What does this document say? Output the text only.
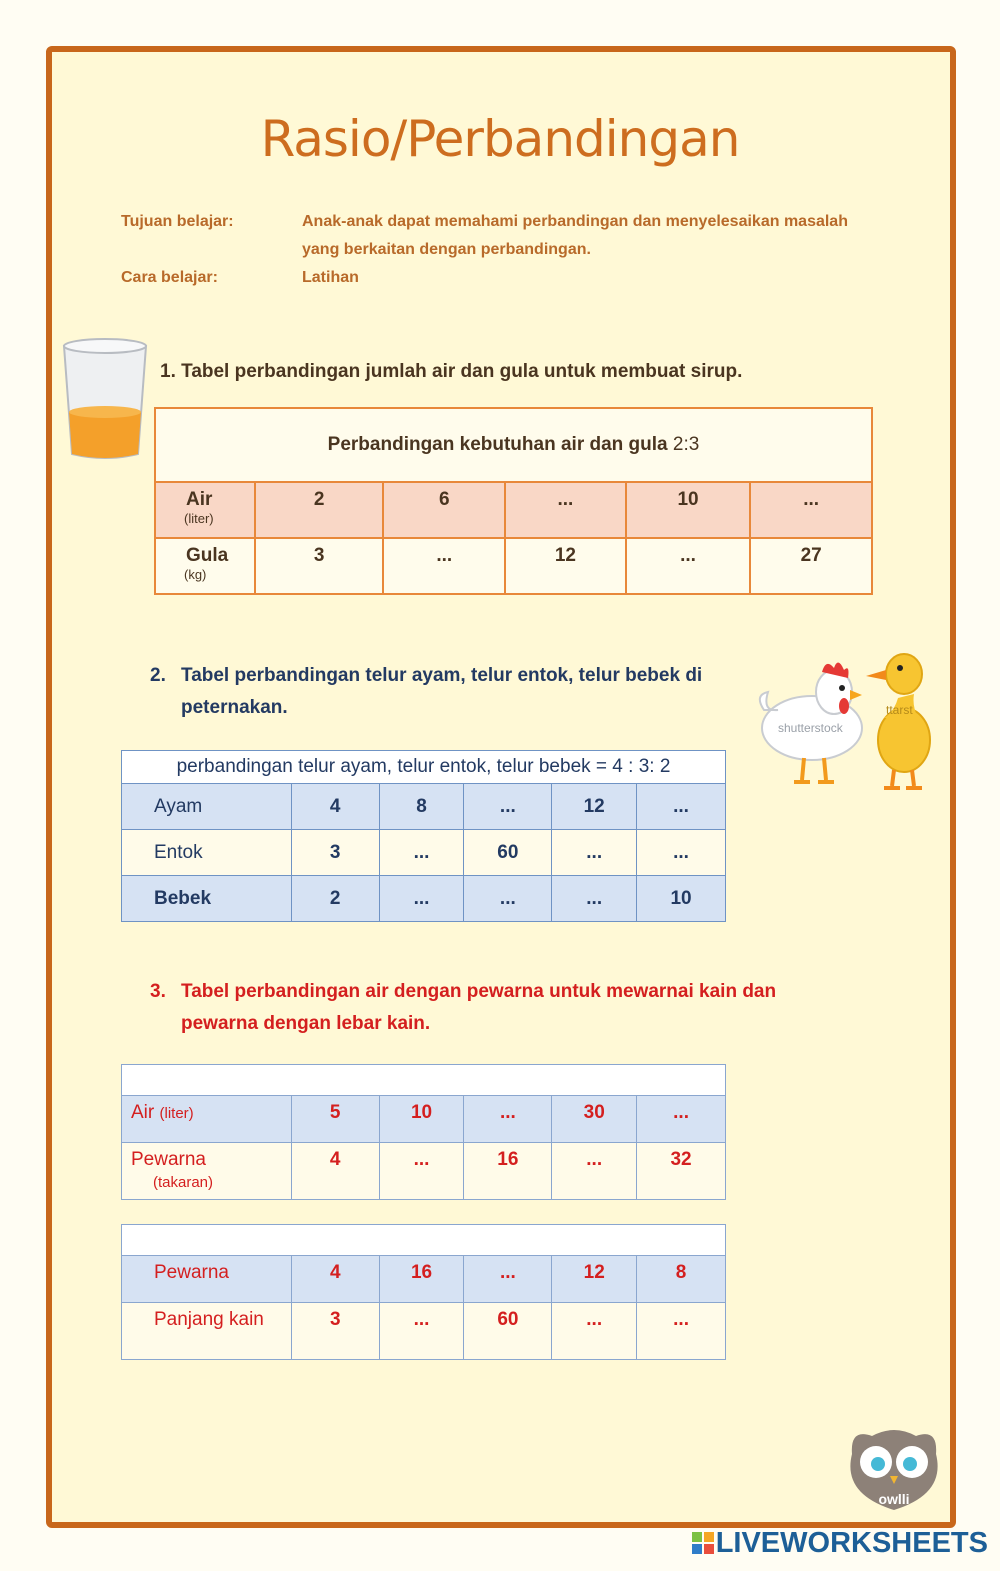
Rasio/Perbandingan
Tujuan belajar:	Anak-anak dapat memahami perbandingan dan menyelesaikan masalah
yang berkaitan dengan perbandingan.
Cara belajar:	Latihan
1. Tabel perbandingan jumlah air dan gula untuk membuat sirup.
Perbandingan kebutuhan air dan gula 2:3					
Air
(liter)	2	6	...	10	...
Gula
(kg)	3	...	12	...	27
2. Tabel perbandingan telur ayam, telur entok, telur bebek di
peternakan.
shutterstock
ttarst
perbandingan telur ayam, telur entok, telur bebek = 4 : 3: 2					
Ayam	4	8	...	12	...
Entok	3	...	60	...	...
Bebek	2	...	...	...	10
3. Tabel perbandingan air dengan pewarna untuk mewarnai kain dan
pewarna dengan lebar kain.

Air (liter)	5	10	...	30	...
Pewarna
(takaran)	4	...	16	...	32

Pewarna	4	16	...	12	8
Panjang kain	3	...	60	...	...
owlli
LIVEWORKSHEETS
